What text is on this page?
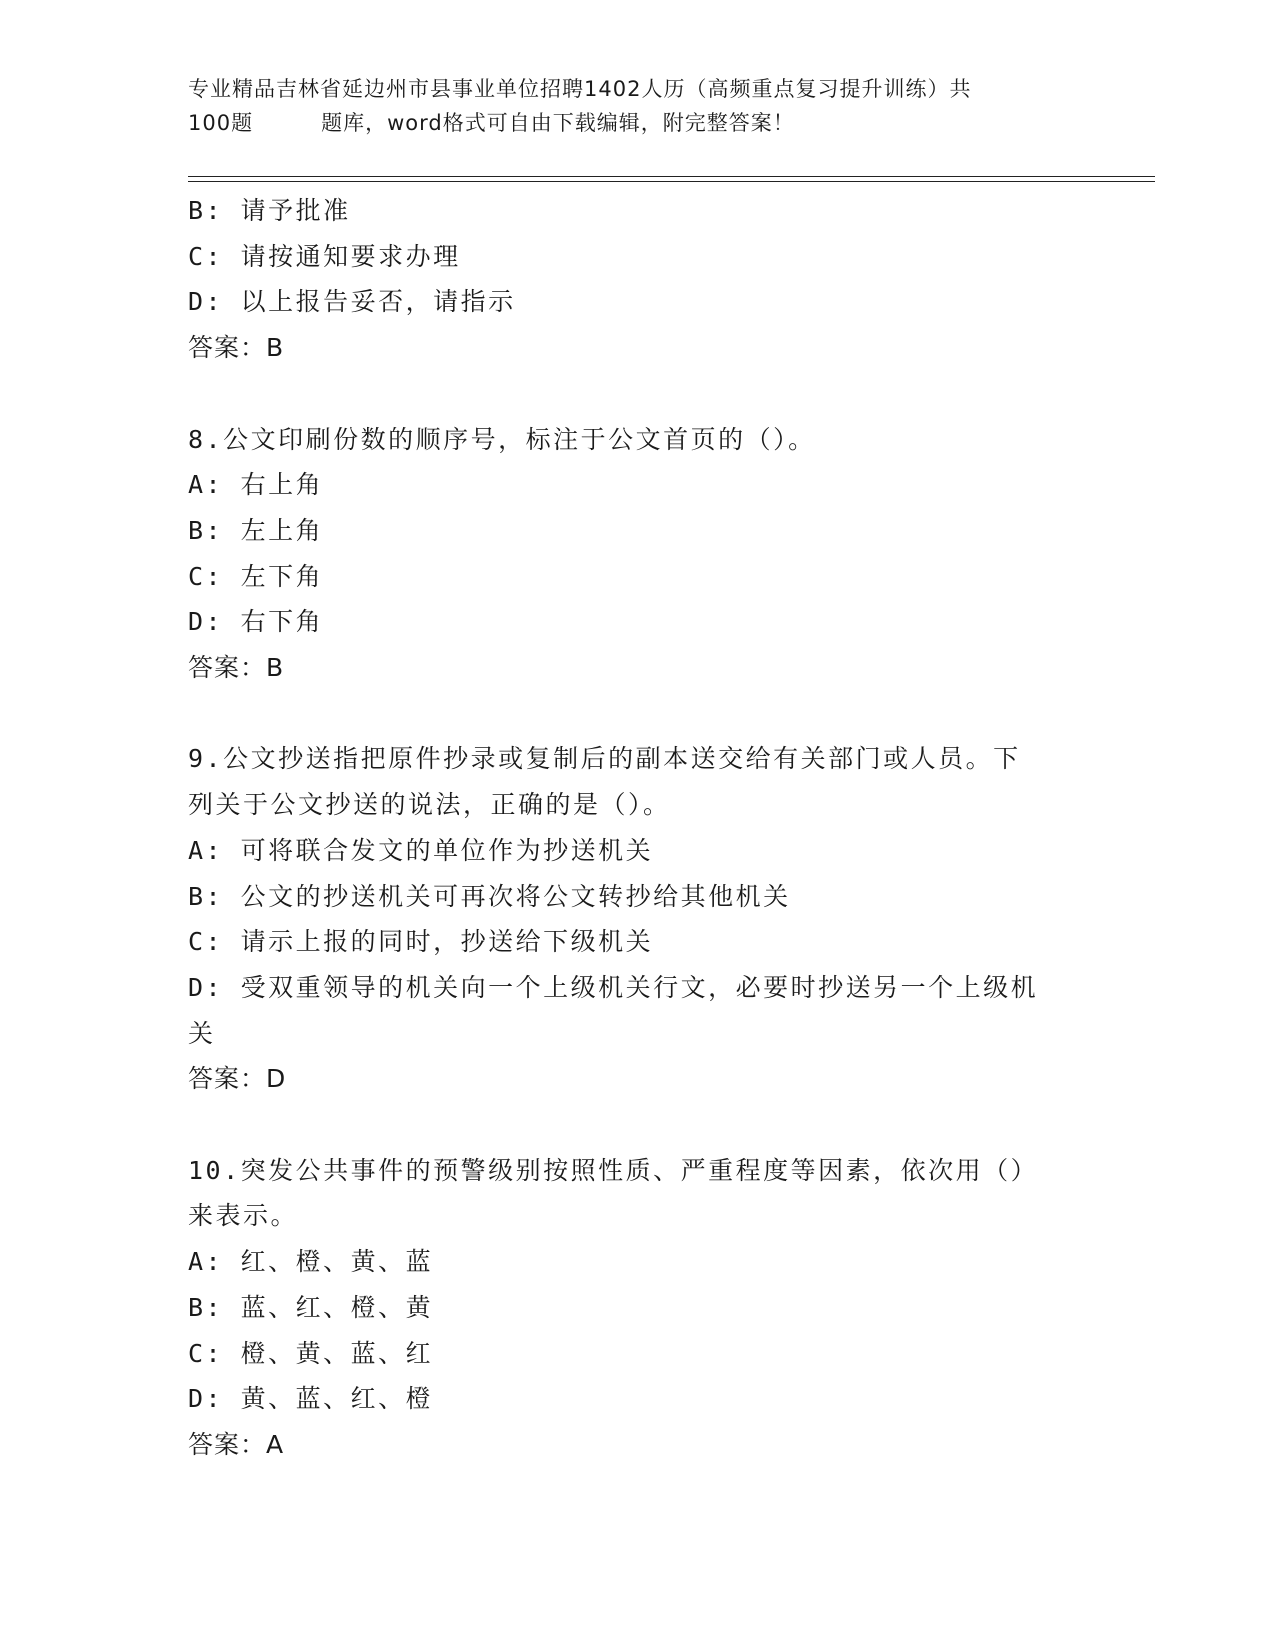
专业精品吉林省延边州市县事业单位招聘1402人历（高频重点复习提升训练）共
100题	题库，word格式可自由下载编辑，附完整答案！

B: 请予批准

C: 请按通知要求办理

D: 以上报告妥否，请指示

答案：B

8.公文印刷份数的顺序号，标注于公文首页的（）。

A: 右上角

B: 左上角

C: 左下角

D: 右下角

答案：B

9.公文抄送指把原件抄录或复制后的副本送交给有关部门或人员。下

列关于公文抄送的说法，正确的是（）。

A: 可将联合发文的单位作为抄送机关

B: 公文的抄送机关可再次将公文转抄给其他机关

C: 请示上报的同时，抄送给下级机关

D: 受双重领导的机关向一个上级机关行文，必要时抄送另一个上级机

关

答案：D

10.突发公共事件的预警级别按照性质、严重程度等因素，依次用（）

来表示。

A: 红、橙、黄、蓝

B: 蓝、红、橙、黄

C: 橙、黄、蓝、红

D: 黄、蓝、红、橙

答案：A
